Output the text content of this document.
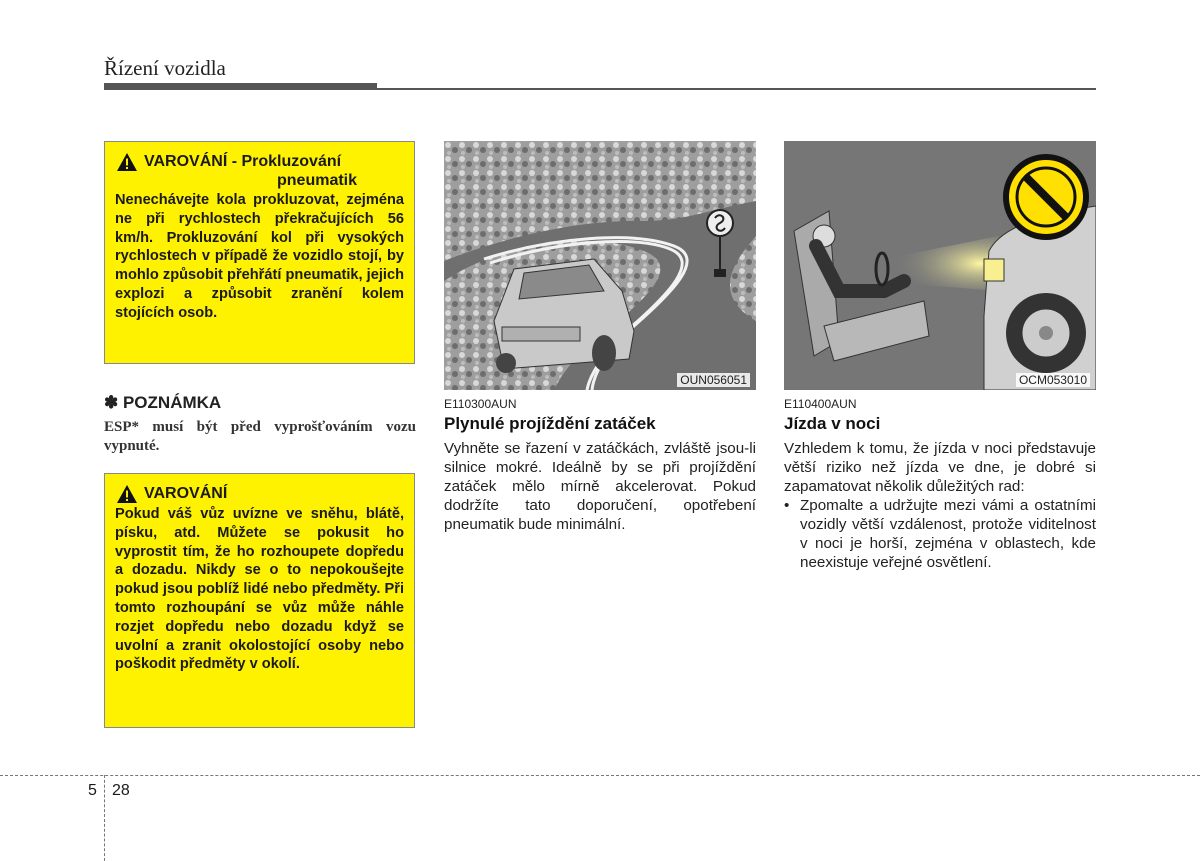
Řízení vozidla
VAROVÁNÍ - Prokluzování
pneumatik
Nenechávejte kola prokluzovat, zejména ne při rychlostech překračujících 56 km/h. Prokluzování kol při vysokých rychlostech v případě že vozidlo stojí, by mohlo způsobit přehřátí pneumatik, jejich explozi a způsobit zranění kolem stojících osob.
✽ POZNÁMKA
ESP* musí být před vyprošťováním vozu vypnuté.
VAROVÁNÍ
Pokud váš vůz uvízne ve sněhu, blátě, písku, atd. Můžete se pokusit ho vyprostit tím, že ho rozhoupete dopředu a dozadu. Nikdy se o to nepokoušejte pokud jsou poblíž lidé nebo předměty. Při tomto rozhoupání se vůz může náhle rozjet dopředu nebo dozadu když se uvolní a zranit okolostojící osoby nebo poškodit předměty v okolí.
OUN056051
E110300AUN
Plynulé projíždění zatáček
Vyhněte se řazení v zatáčkách, zvláště jsou-li silnice mokré. Ideálně by se při projíždění zatáček mělo mírně akcelerovat. Pokud dodržíte tato doporučení, opotřebení pneumatik bude minimální.
OCM053010
E110400AUN
Jízda v noci
Vzhledem k tomu, že jízda v noci představuje větší riziko než jízda ve dne, je dobré si zapamatovat několik důležitých rad:
• Zpomalte a udržujte mezi vámi a ostatními vozidly větší vzdálenost, protože viditelnost v noci je horší, zejména v oblastech, kde neexistuje veřejné osvětlení.
5 28
